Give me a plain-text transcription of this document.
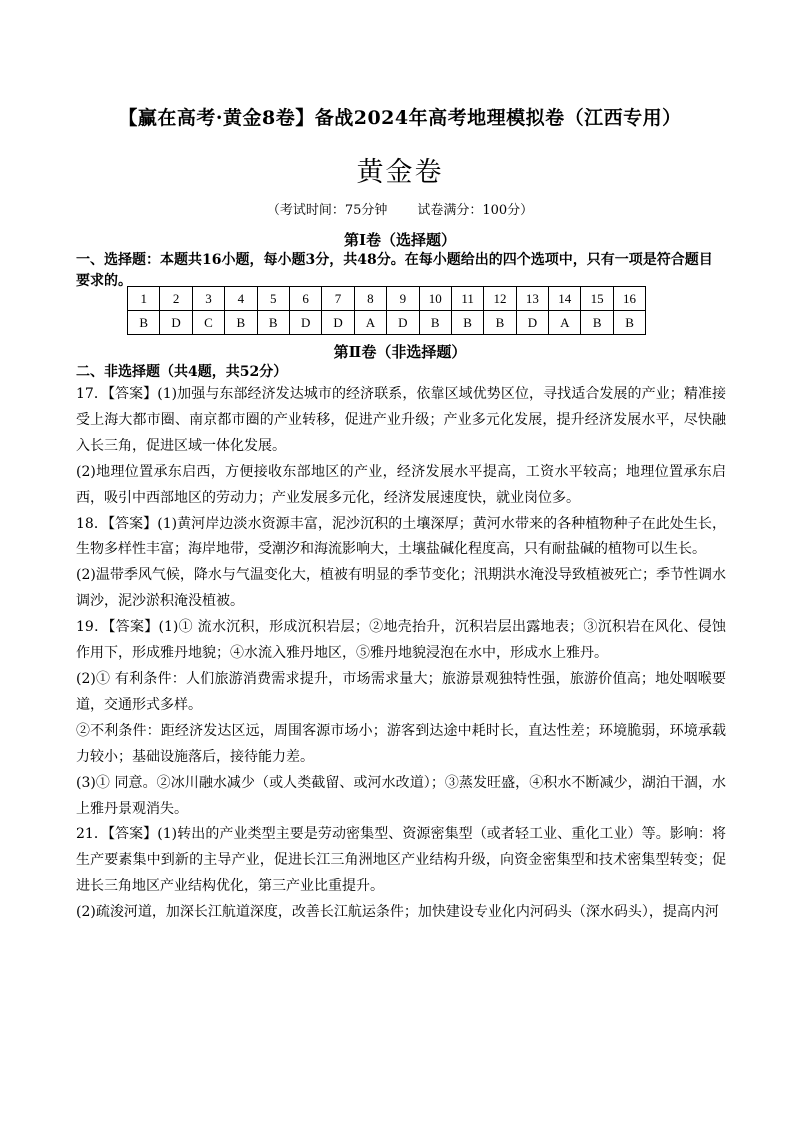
【赢在高考·黄金8卷】备战2024年高考地理模拟卷（江西专用）
黄金卷
（考试时间：75分钟 试卷满分：100分）
第Ⅰ卷（选择题）
一、选择题：本题共16小题，每小题3分，共48分。在每小题给出的四个选项中，只有一项是符合题目要求的。
1	2	3	4	5	6	7	8	9	10	11	12	13	14	15	16
B	D	C	B	B	D	D	A	D	B	B	B	D	A	B	B
第Ⅱ卷（非选择题）
二、非选择题（共4题，共52分）

17．【答案】(1)加强与东部经济发达城市的经济联系，依靠区域优势区位，寻找适合发展的产业；精准接受上海大都市圈、南京都市圈的产业转移，促进产业升级；产业多元化发展，提升经济发展水平，尽快融入长三角，促进区域一体化发展。

(2)地理位置承东启西，方便接收东部地区的产业，经济发展水平提高，工资水平较高；地理位置承东启西，吸引中西部地区的劳动力；产业发展多元化，经济发展速度快，就业岗位多。

18．【答案】(1)黄河岸边淡水资源丰富，泥沙沉积的土壤深厚；黄河水带来的各种植物种子在此处生长，生物多样性丰富；海岸地带，受潮汐和海流影响大，土壤盐碱化程度高，只有耐盐碱的植物可以生长。

(2)温带季风气候，降水与气温变化大，植被有明显的季节变化；汛期洪水淹没导致植被死亡；季节性调水调沙，泥沙淤积淹没植被。

19．【答案】(1)① 流水沉积，形成沉积岩层；②地壳抬升，沉积岩层出露地表；③沉积岩在风化、侵蚀作用下，形成雅丹地貌；④水流入雅丹地区，⑤雅丹地貌浸泡在水中，形成水上雅丹。

(2)① 有利条件：人们旅游消费需求提升，市场需求量大；旅游景观独特性强，旅游价值高；地处咽喉要道，交通形式多样。

②不利条件：距经济发达区远，周围客源市场小；游客到达途中耗时长，直达性差；环境脆弱，环境承载力较小；基础设施落后，接待能力差。

(3)① 同意。②冰川融水减少（或人类截留、或河水改道）；③蒸发旺盛，④积水不断减少，湖泊干涸，水上雅丹景观消失。

21．【答案】(1)转出的产业类型主要是劳动密集型、资源密集型（或者轻工业、重化工业）等。影响：将生产要素集中到新的主导产业，促进长江三角洲地区产业结构升级，向资金密集型和技术密集型转变；促进长三角地区产业结构优化，第三产业比重提升。

(2)疏浚河道，加深长江航道深度，改善长江航运条件；加快建设专业化内河码头（深水码头），提高内河
